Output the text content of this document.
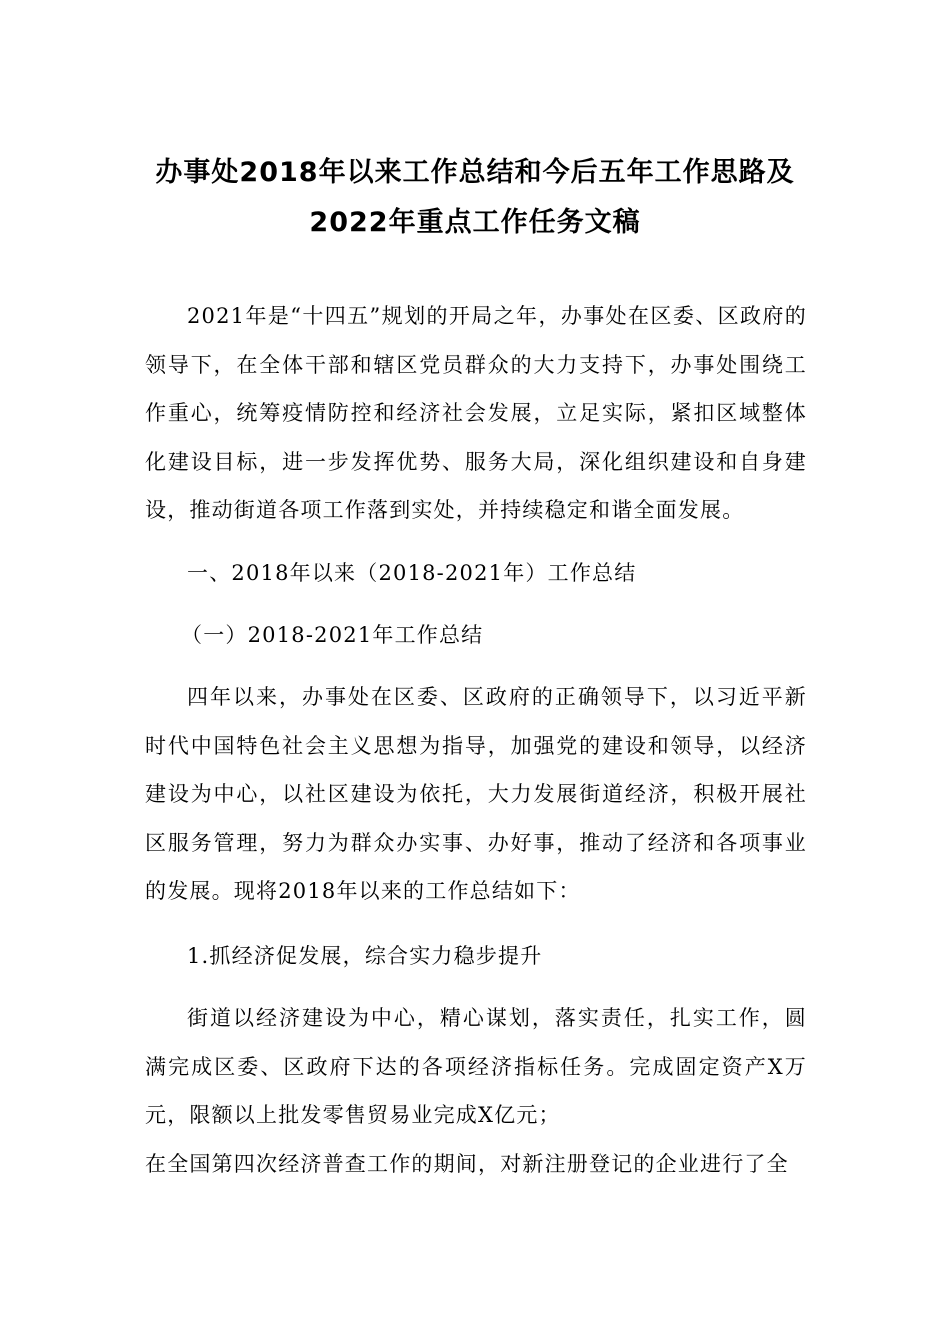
办事处2018年以来工作总结和今后五年工作思路及
2022年重点工作任务文稿

2021年是“十四五”规划的开局之年，办事处在区委、区政府的领导下，在全体干部和辖区党员群众的大力支持下，办事处围绕工作重心，统筹疫情防控和经济社会发展，立足实际，紧扣区域整体化建设目标，进一步发挥优势、服务大局，深化组织建设和自身建设，推动街道各项工作落到实处，并持续稳定和谐全面发展。

一、2018年以来（2018-2021年）工作总结

（一）2018-2021年工作总结

四年以来，办事处在区委、区政府的正确领导下，以习近平新时代中国特色社会主义思想为指导，加强党的建设和领导，以经济建设为中心，以社区建设为依托，大力发展街道经济，积极开展社区服务管理，努力为群众办实事、办好事，推动了经济和各项事业的发展。现将2018年以来的工作总结如下：

1.抓经济促发展，综合实力稳步提升

街道以经济建设为中心，精心谋划，落实责任，扎实工作，圆满完成区委、区政府下达的各项经济指标任务。完成固定资产X万元，限额以上批发零售贸易业完成X亿元；

在全国第四次经济普查工作的期间，对新注册登记的企业进行了全
